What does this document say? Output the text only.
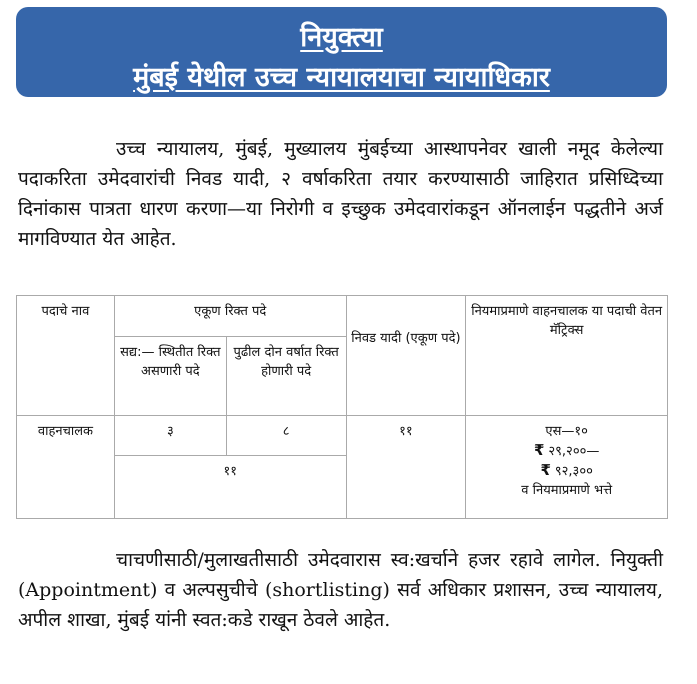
नियुक्त्या
मुंबई येथील उच्च न्यायालयाचा न्यायाधिकार
उच्च न्यायालय, मुंबई, मुख्यालय मुंबईच्या आस्थापनेवर खाली नमूद केलेल्या पदाकरिता उमेदवारांची निवड यादी, २ वर्षाकरिता तयार करण्यासाठी जाहिरात प्रसिध्दिच्या दिनांकास पात्रता धारण करणा—या निरोगी व इच्छुक उमेदवारांकडून ऑनलाईन पद्धतीने अर्ज मागविण्यात येत आहेत.
पदाचे नाव	एकूण रिक्त पदे		निवड यादी (एकूण पदे)	नियमाप्रमाणे वाहनचालक या पदाची वेतन मॅट्रिक्स
	सद्य:— स्थितीत रिक्त असणारी पदे	पुढील दोन वर्षात रिक्त होणारी पदे		
वाहनचालक	३	८	११	एस—१०
₹ २९,२००—
₹ ९२,३००
व नियमाप्रमाणे भत्ते

	११			
चाचणीसाठी/मुलाखतीसाठी उमेदवारास स्व:खर्चाने हजर रहावे लागेल. नियुक्ती (Appointment) व अल्पसुचीचे (shortlisting) सर्व अधिकार प्रशासन, उच्च न्यायालय, अपील शाखा, मुंबई यांनी स्वत:कडे राखून ठेवले आहेत.
